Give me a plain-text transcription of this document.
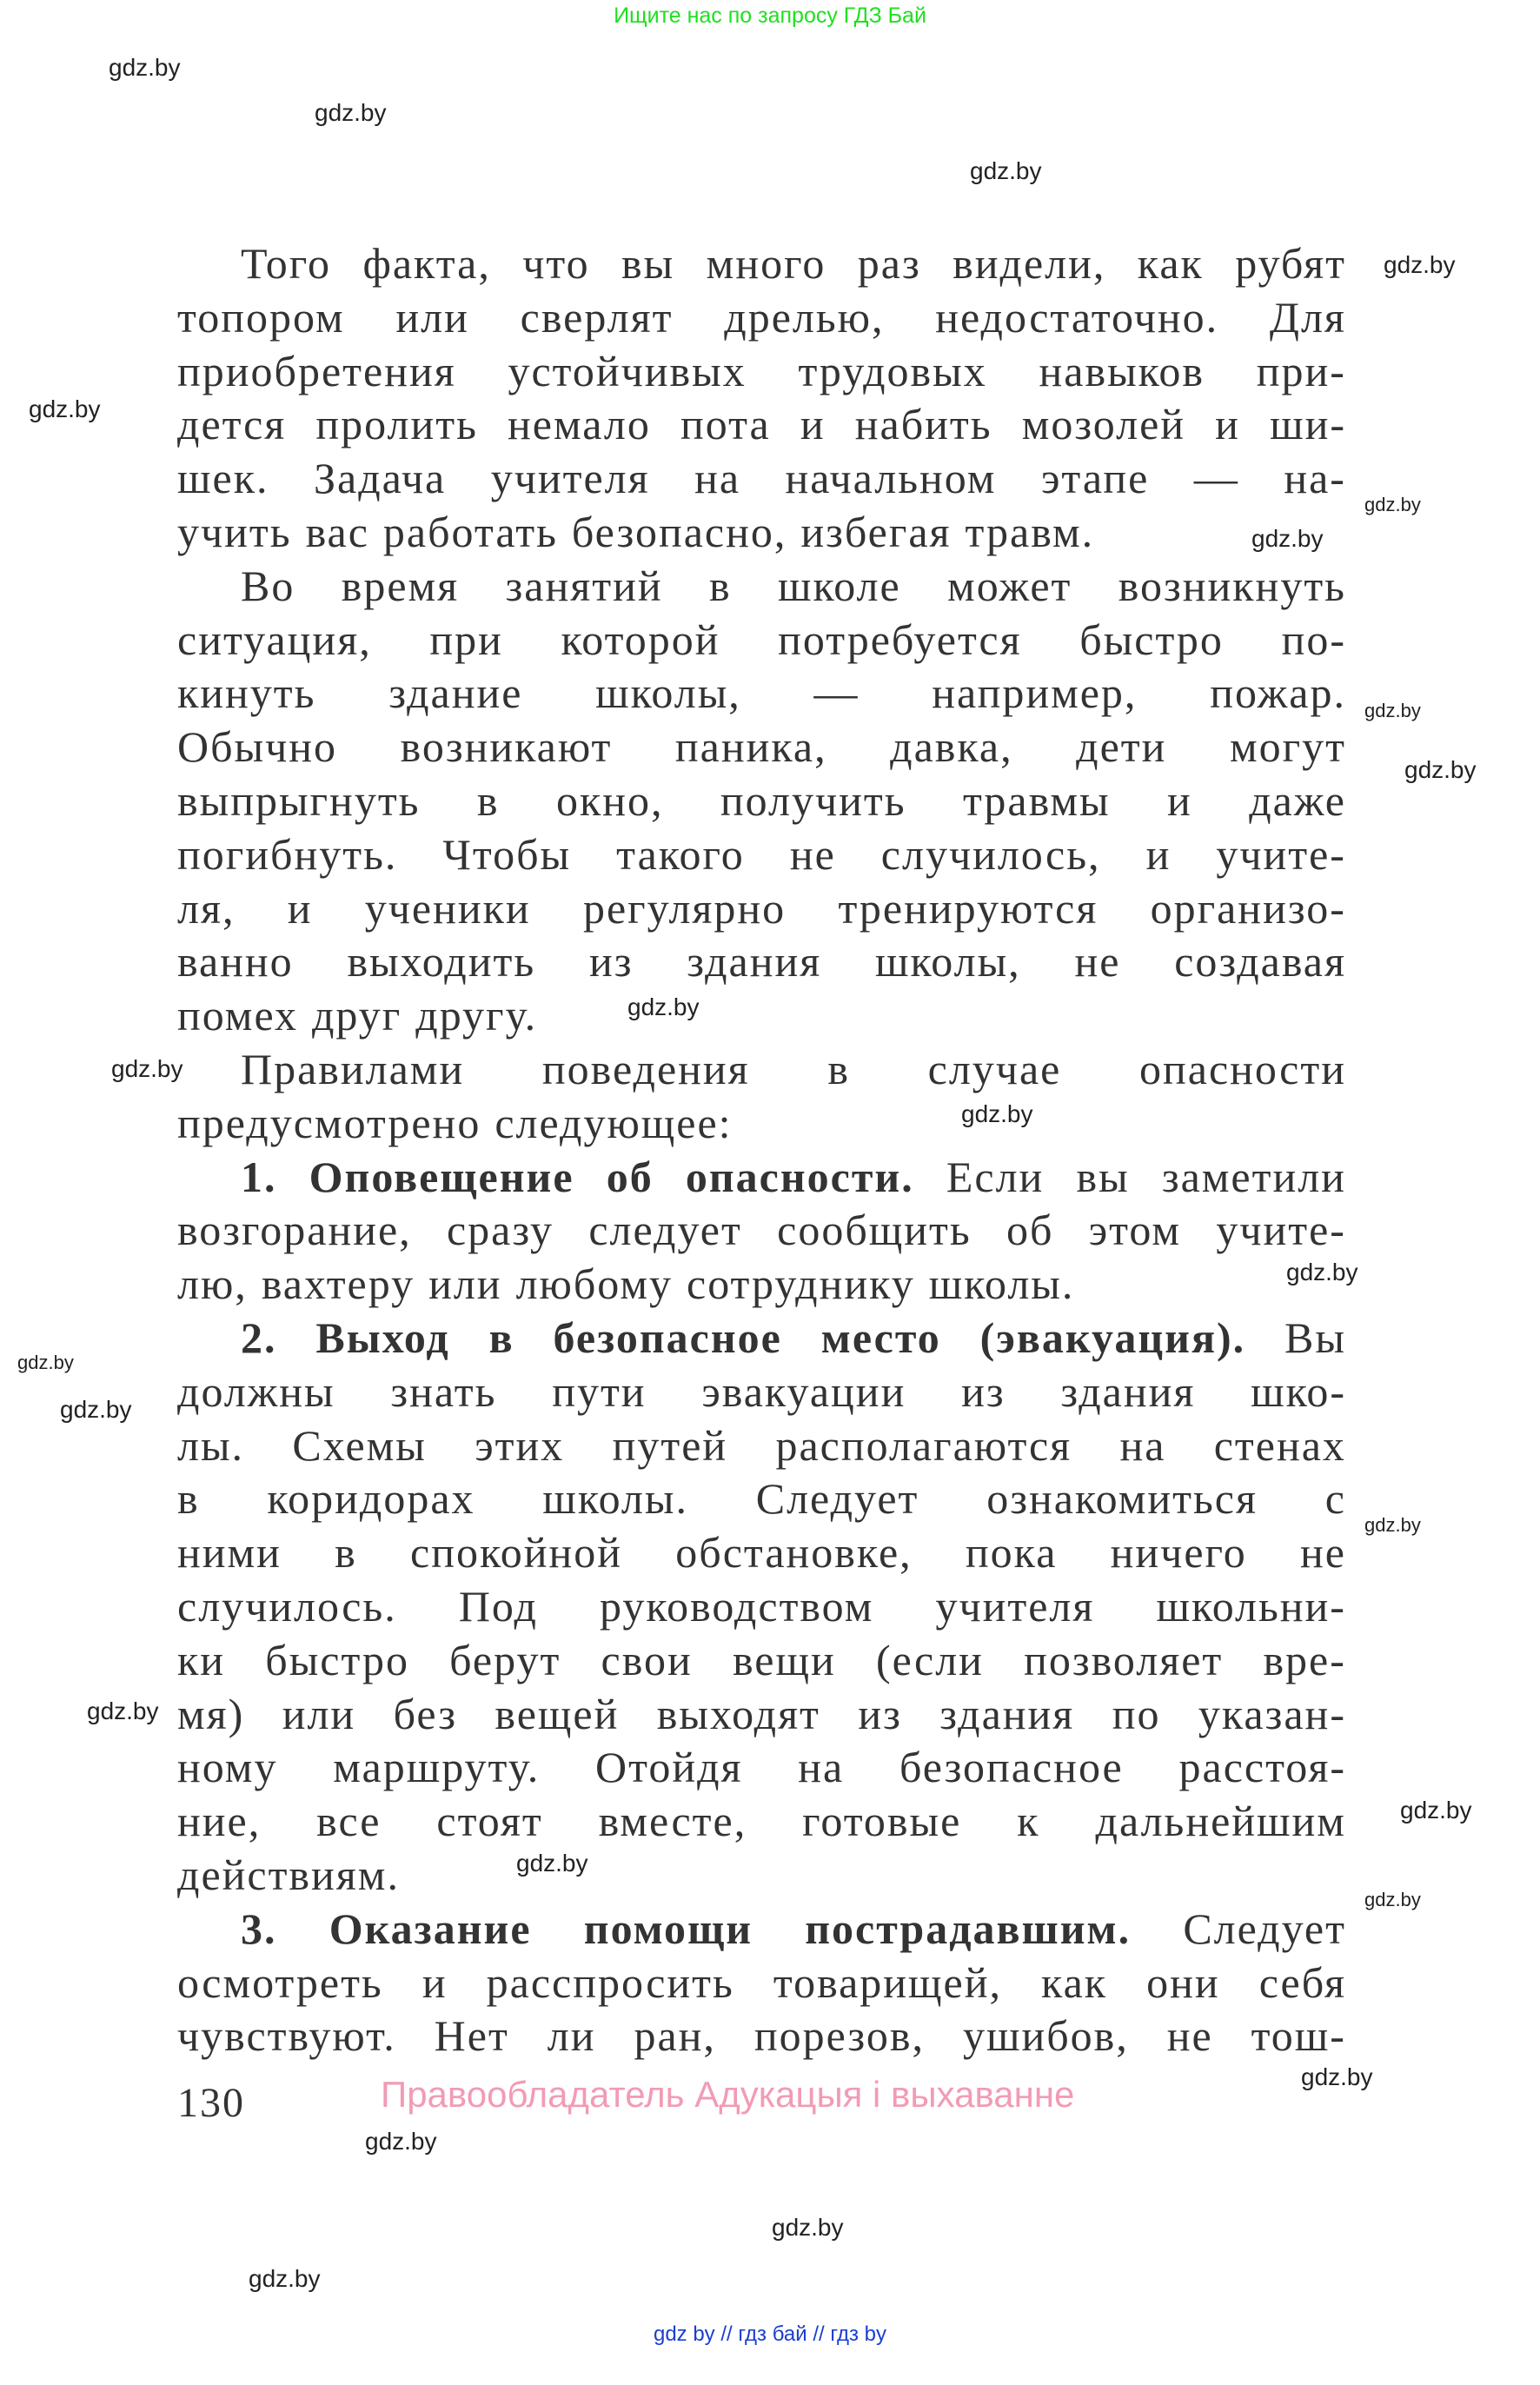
Ищите нас по запросу ГДЗ Бай
Того факта, что вы много раз видели, как рубят
топором или сверлят дрелью, недостаточно. Для
приобретения устойчивых трудовых навыков при-
дется пролить немало пота и набить мозолей и ши-
шек. Задача учителя на начальном этапе — на-
учить вас работать безопасно, избегая травм.
Во время занятий в школе может возникнуть
ситуация, при которой потребуется быстро по-
кинуть здание школы, — например, пожар.
Обычно возникают паника, давка, дети могут
выпрыгнуть в окно, получить травмы и даже
погибнуть. Чтобы такого не случилось, и учите-
ля, и ученики регулярно тренируются организо-
ванно выходить из здания школы, не создавая
помех друг другу.
Правилами поведения в случае опасности
предусмотрено следующее:
1. Оповещение об опасности. Если вы заметили
возгорание, сразу следует сообщить об этом учите-
лю, вахтеру или любому сотруднику школы.
2. Выход в безопасное место (эвакуация). Вы
должны знать пути эвакуации из здания шко-
лы. Схемы этих путей располагаются на стенах
в коридорах школы. Следует ознакомиться с
ними в спокойной обстановке, пока ничего не
случилось. Под руководством учителя школьни-
ки быстро берут свои вещи (если позволяет вре-
мя) или без вещей выходят из здания по указан-
ному маршруту. Отойдя на безопасное расстоя-
ние, все стоят вместе, готовые к дальнейшим
действиям.
3. Оказание помощи пострадавшим. Следует
осмотреть и расспросить товарищей, как они себя
чувствуют. Нет ли ран, порезов, ушибов, не тош-
gdz.by
gdz.by
gdz.by
gdz.by
gdz.by
gdz.by
gdz.by
gdz.by
gdz.by
gdz.by
gdz.by
gdz.by
gdz.by
gdz.by
gdz.by
gdz.by
gdz.by
gdz.by
gdz.by
gdz.by
gdz.by
gdz.by
gdz.by
gdz.by
130	Правообладатель Адукацыя і выхаванне
gdz by // гдз бай // гдз by
